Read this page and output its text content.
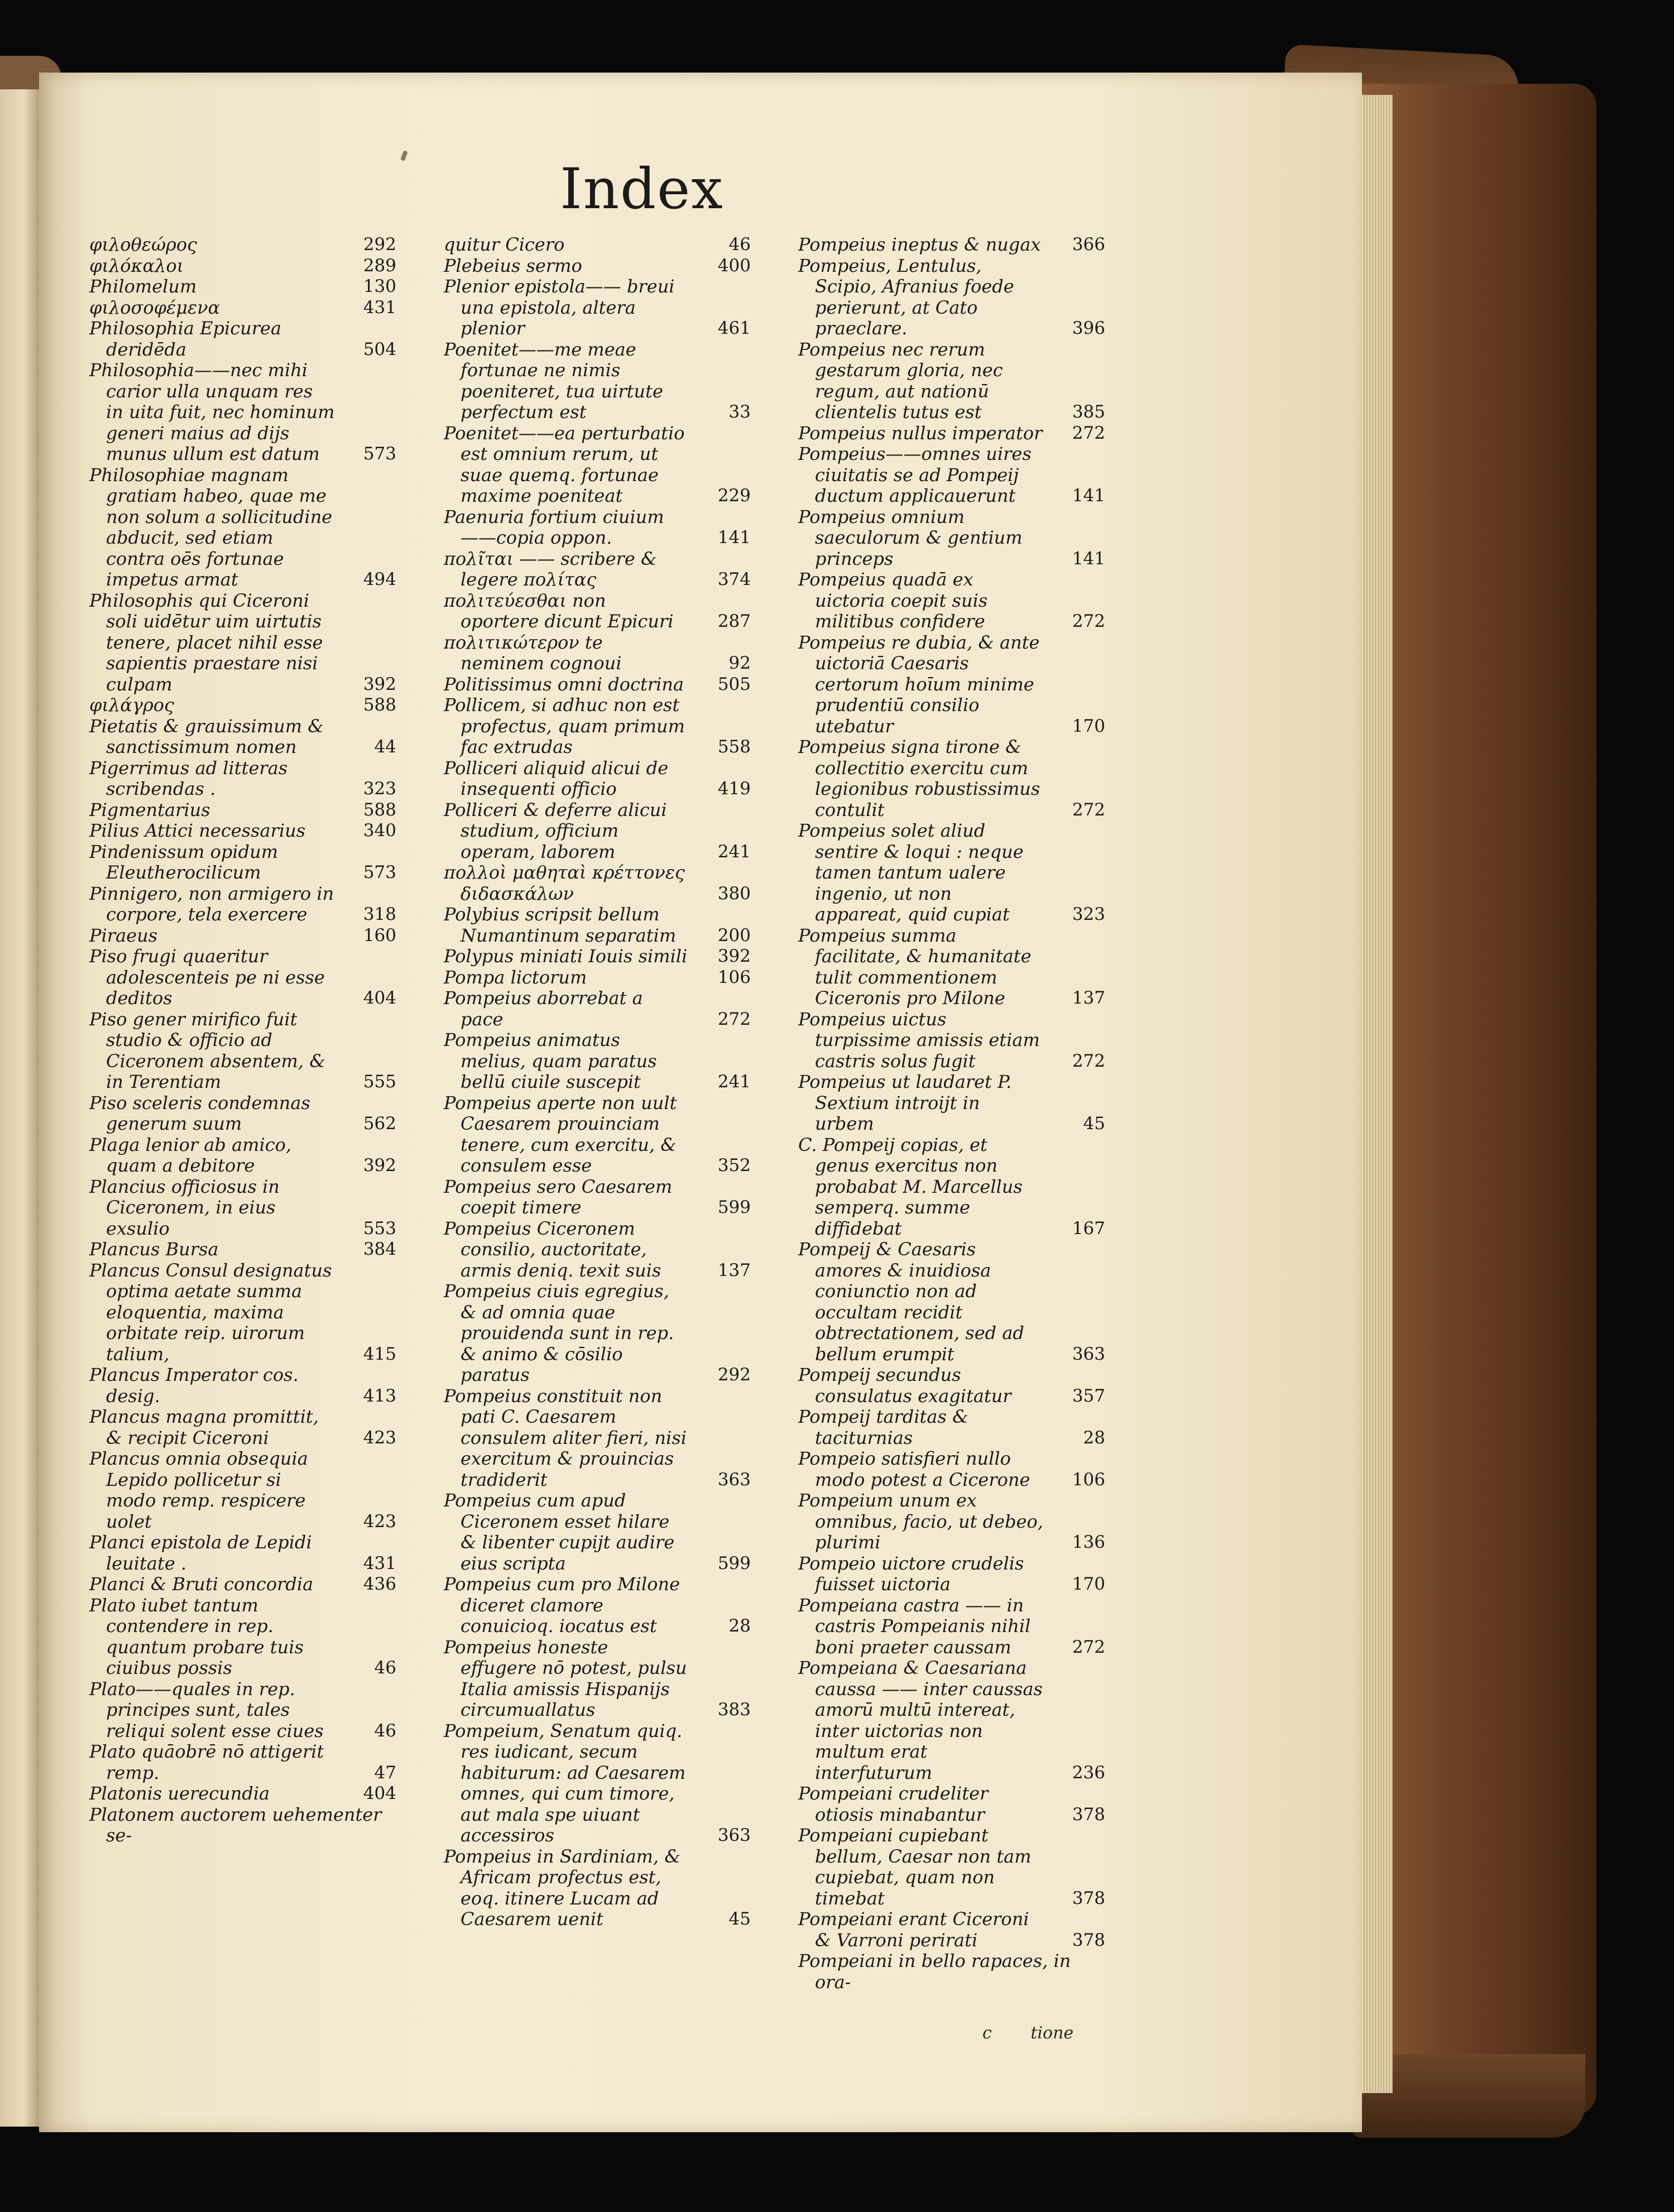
Index

φιλοθεώρος	292

φιλόκαλοι	289

Philomelum	130

φιλοσοφέμενα	431

Philosophia Epicurea deridēda	504

Philosophia——nec mihi carior ulla unquam res in uita fuit, nec hominum generi maius ad dijs munus ullum est datum	573

Philosophiae magnam gratiam habeo, quae me non solum a sollicitudine abducit, sed etiam contra oēs fortunae impetus armat	494

Philosophis qui Ciceroni soli uidētur uim uirtutis tenere, placet nihil esse sapientis praestare nisi culpam	392

φιλάγρος	588

Pietatis & grauissimum & sanctissimum nomen	44

Pigerrimus ad litteras scribendas .	323

Pigmentarius	588

Pilius Attici necessarius	340

Pindenissum opidum Eleutherocilicum	573

Pinnigero, non armigero in corpore, tela exercere	318

Piraeus	160

Piso frugi quaeritur adolescenteis pe ni esse deditos	404

Piso gener mirifico fuit studio & officio ad Ciceronem absentem, & in Terentiam	555

Piso sceleris condemnas generum suum	562

Plaga lenior ab amico, quam a debitore	392

Plancius officiosus in Ciceronem, in eius exsulio	553

Plancus Bursa	384

Plancus Consul designatus optima aetate summa eloquentia, maxima orbitate reip. uirorum talium,	415

Plancus Imperator cos. desig.	413

Plancus magna promittit, & recipit Ciceroni	423

Plancus omnia obsequia Lepido pollicetur si modo remp. respicere uolet	423

Planci epistola de Lepidi leuitate .	431

Planci & Bruti concordia	436

Plato iubet tantum contendere in rep. quantum probare tuis ciuibus possis	46

Plato——quales in rep. principes sunt, tales reliqui solent esse ciues	46

Plato quāobrē nō attigerit remp.	47

Platonis uerecundia	404

Platonem auctorem uehementer se-

quitur Cicero	46

Plebeius sermo	400

Plenior epistola—— breui una epistola, altera plenior	461

Poenitet——me meae fortunae ne nimis poeniteret, tua uirtute perfectum est	33

Poenitet——ea perturbatio est omnium rerum, ut suae quemq. fortunae maxime poeniteat	229

Paenuria fortium ciuium——copia oppon.	141

πολῖται —— scribere & legere πολίτας	374

πολιτεύεσθαι non oportere dicunt Epicuri	287

πολιτικώτερον te neminem cognoui	92

Politissimus omni doctrina 505

Pollicem, si adhuc non est profectus, quam primum fac extrudas	558

Polliceri aliquid alicui de insequenti officio	419

Polliceri & deferre alicui studium, officium operam, laborem	241

πολλοὶ μαθηταὶ κρέττονες διδασκάλων	380

Polybius scripsit bellum Numantinum separatim 200

Polypus miniati Iouis simili 392

Pompa lictorum	106

Pompeius aborrebat a pace	272

Pompeius animatus melius, quam paratus bellū ciuile suscepit	241

Pompeius aperte non uult Caesarem prouinciam tenere, cum exercitu, & consulem esse	352

Pompeius sero Caesarem coepit timere	599

Pompeius Ciceronem consilio, auctoritate, armis deniq. texit suis	137

Pompeius ciuis egregius, & ad omnia quae prouidenda sunt in rep. & animo & cōsilio paratus	292

Pompeius constituit non pati C. Caesarem consulem aliter fieri, nisi exercitum & prouincias tradiderit	363

Pompeius cum apud Ciceronem esset hilare & libenter cupijt audire eius scripta	599

Pompeius cum pro Milone diceret clamore conuicioq. iocatus est	28

Pompeius honeste effugere nō potest, pulsu Italia amissis Hispanijs circumuallatus	383

Pompeium, Senatum quiq. res iudicant, secum habiturum: ad Caesarem omnes, qui cum timore, aut mala spe uiuant accessiros	363

Pompeius in Sardiniam, & Africam profectus est, eoq. itinere Lucam ad Caesarem uenit	45

Pompeius ineptus & nugax 366

Pompeius, Lentulus, Scipio, Afranius foede perierunt, at Cato praeclare.	396

Pompeius nec rerum gestarum gloria, nec regum, aut nationū clientelis tutus est	385

Pompeius nullus imperator 272

Pompeius——omnes uires ciuitatis se ad Pompeij ductum applicauerunt	141

Pompeius omnium saeculorum & gentium princeps	141

Pompeius quadā ex uictoria coepit suis militibus confidere	272

Pompeius re dubia, & ante uictoriā Caesaris certorum hoīum minime prudentiū consilio utebatur	170

Pompeius signa tirone & collectitio exercitu cum legionibus robustissimus contulit	272

Pompeius solet aliud sentire & loqui : neque tamen tantum ualere ingenio, ut non appareat, quid cupiat	323

Pompeius summa facilitate, & humanitate tulit commentionem Ciceronis pro Milone	137

Pompeius uictus turpissime amissis etiam castris solus fugit	272

Pompeius ut laudaret P. Sextium introijt in urbem	45

C. Pompeij copias, et genus exercitus non probabat M. Marcellus semperq. summe diffidebat	167

Pompeij & Caesaris amores & inuidiosa coniunctio non ad occultam recidit obtrectationem, sed ad bellum erumpit	363

Pompeij secundus consulatus exagitatur	357

Pompeij tarditas & taciturnias	28

Pompeio satisfieri nullo modo potest a Cicerone 106

Pompeium unum ex omnibus, facio, ut debeo, plurimi	136

Pompeio uictore crudelis fuisset uictoria	170

Pompeiana castra —— in castris Pompeianis nihil boni praeter caussam	272

Pompeiana & Caesariana caussa —— inter caussas amorū multū intereat, inter uictorias non multum erat interfuturum	236

Pompeiani crudeliter otiosis minabantur	378

Pompeiani cupiebant bellum, Caesar non tam cupiebat, quam non timebat	378

Pompeiani erant Ciceroni & Varroni perirati	378

Pompeiani in bello rapaces, in ora-

c tione
